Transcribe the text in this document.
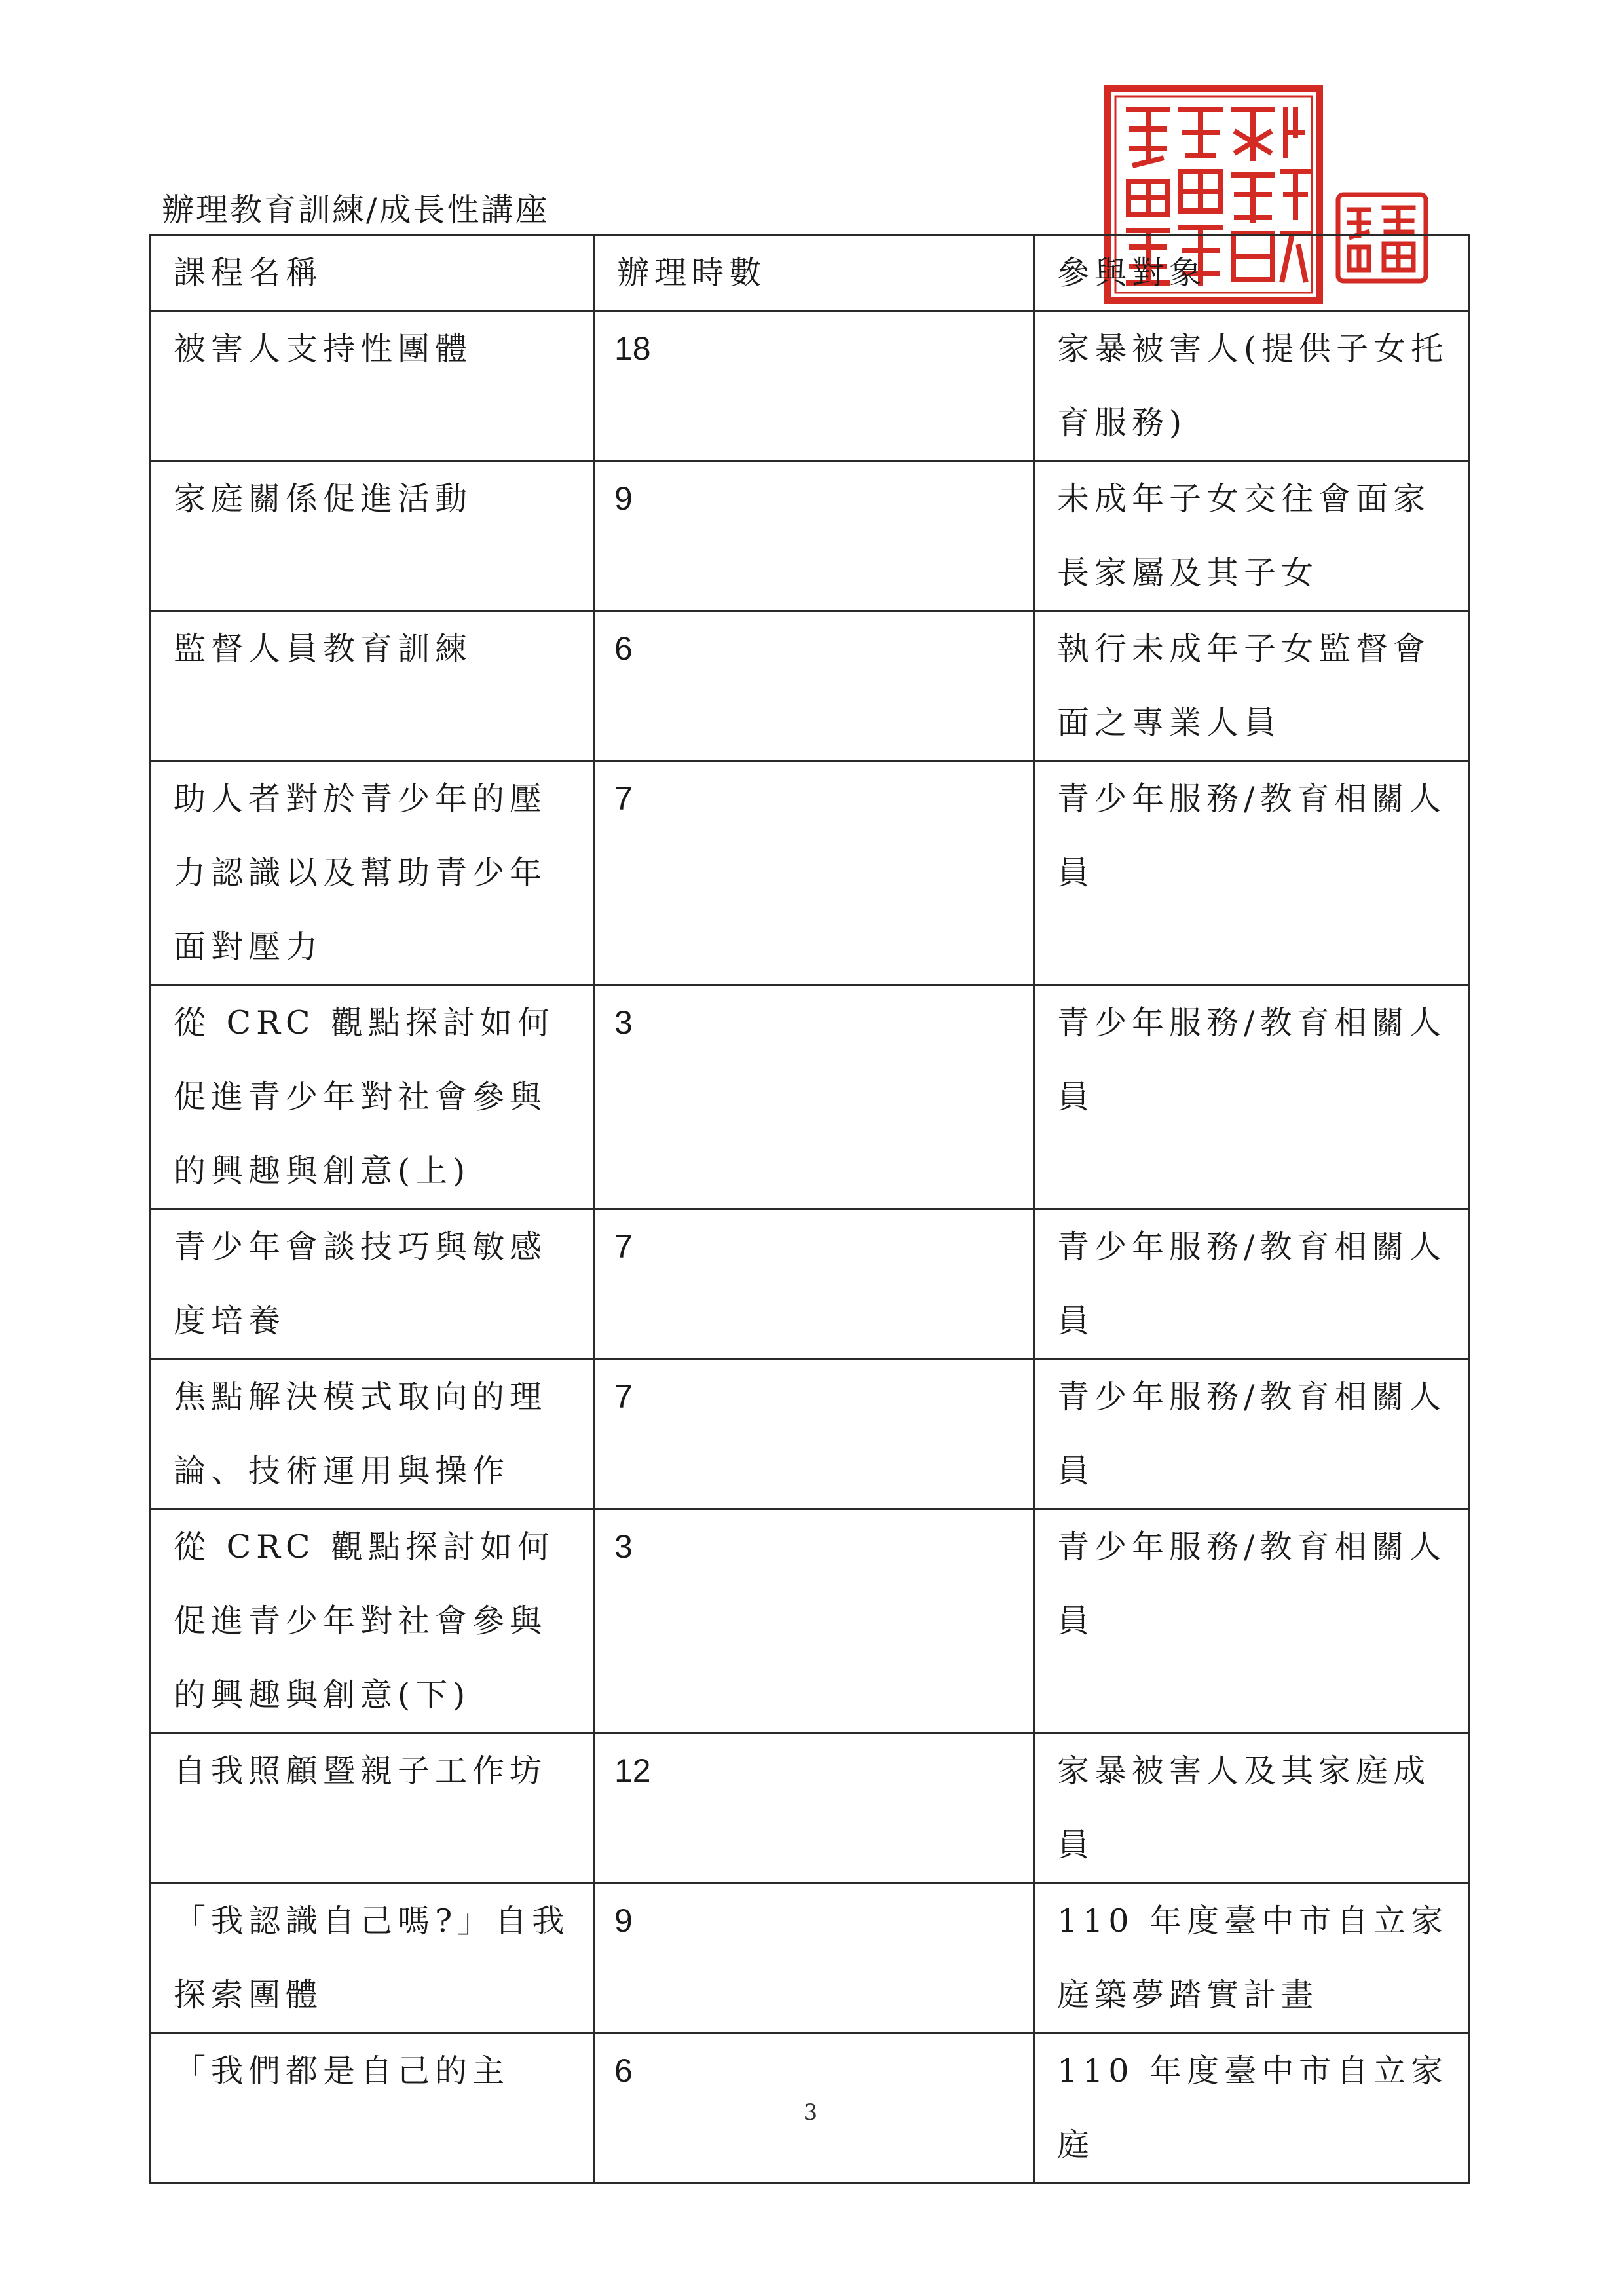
辦理教育訓練/成長性講座
課程名稱	辦理時數	參與對象
被害人支持性團體	18	家暴被害人(提供子女托育服務)
家庭關係促進活動	9	未成年子女交往會面家長家屬及其子女
監督人員教育訓練	6	執行未成年子女監督會面之專業人員
助人者對於青少年的壓力認識以及幫助青少年面對壓力	7	青少年服務/教育相關人員
從 CRC 觀點探討如何促進青少年對社會參與的興趣與創意(上)	3	青少年服務/教育相關人員
青少年會談技巧與敏感度培養	7	青少年服務/教育相關人員
焦點解決模式取向的理論、技術運用與操作	7	青少年服務/教育相關人員
從 CRC 觀點探討如何促進青少年對社會參與的興趣與創意(下)	3	青少年服務/教育相關人員
自我照顧暨親子工作坊	12	家暴被害人及其家庭成員
「我認識自己嗎?」自我探索團體	9	110 年度臺中市自立家庭築夢踏實計畫
「我們都是自己的主	6	110 年度臺中市自立家庭
3
